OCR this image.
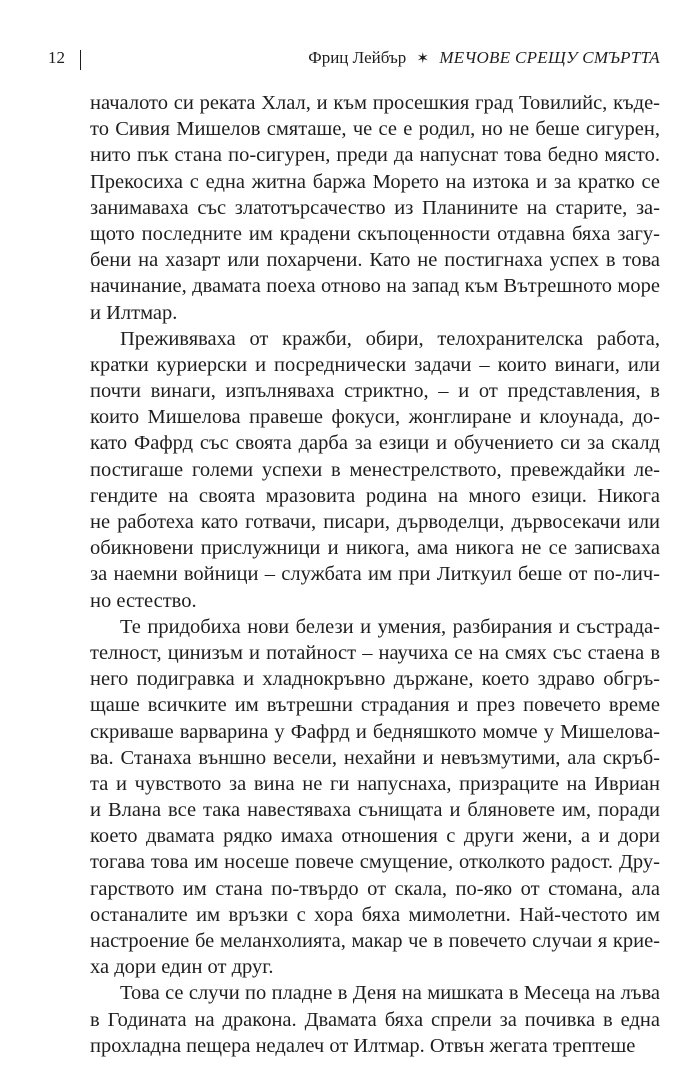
12	Фриц Лейбър ✶ МЕЧОВЕ СРЕЩУ СМЪРТТА
началото си реката Хлал, и към просешкия град Товилийс, къде-
то Сивия Мишелов смяташе, че се е родил, но не беше сигурен,
нито пък стана по-сигурен, преди да напуснат това бедно място.
Прекосиха с една житна баржа Морето на изтока и за кратко се
занимаваха със златотърсачество из Планините на старите, за-
щото последните им крадени скъпоценности отдавна бяха загу-
бени на хазарт или похарчени. Като не постигнаха успех в това
начинание, двамата поеха отново на запад към Вътрешното море
и Илтмар.
Преживяваха от кражби, обири, телохранителска работа,
кратки куриерски и посреднически задачи – които винаги, или
почти винаги, изпълняваха стриктно, – и от представления, в
които Мишелова правеше фокуси, жонглиране и клоунада, до-
като Фафрд със своята дарба за езици и обучението си за скалд
постигаше големи успехи в менестрелството, превеждайки ле-
гендите на своята мразовита родина на много езици. Никога
не работеха като готвачи, писари, дърводелци, дървосекачи или
обикновени прислужници и никога, ама никога не се записваха
за наемни войници – службата им при Литкуил беше от по-лич-
но естество.
Те придобиха нови белези и умения, разбирания и състрада-
телност, цинизъм и потайност – научиха се на смях със стаена в
него подигравка и хладнокръвно държане, което здраво обгръ-
щаше всичките им вътрешни страдания и през повечето време
скриваше варварина у Фафрд и бедняшкото момче у Мишелова-
ва. Станаха външно весели, нехайни и невъзмутими, ала скръб-
та и чувството за вина не ги напуснаха, призраците на Ивриан
и Влана все така навестяваха сънищата и бляновете им, поради
което двамата рядко имаха отношения с други жени, а и дори
тогава това им носеше повече смущение, отколкото радост. Дру-
гарството им стана по-твърдо от скала, по-яко от стомана, ала
останалите им връзки с хора бяха мимолетни. Най-честото им
настроение бе меланхолията, макар че в повечето случаи я криe-
ха дори един от друг.
Това се случи по пладне в Деня на мишката в Месеца на лъва
в Годината на дракона. Двамата бяха спрели за почивка в една
прохладна пещера недалеч от Илтмар. Отвън жегата трептеше
